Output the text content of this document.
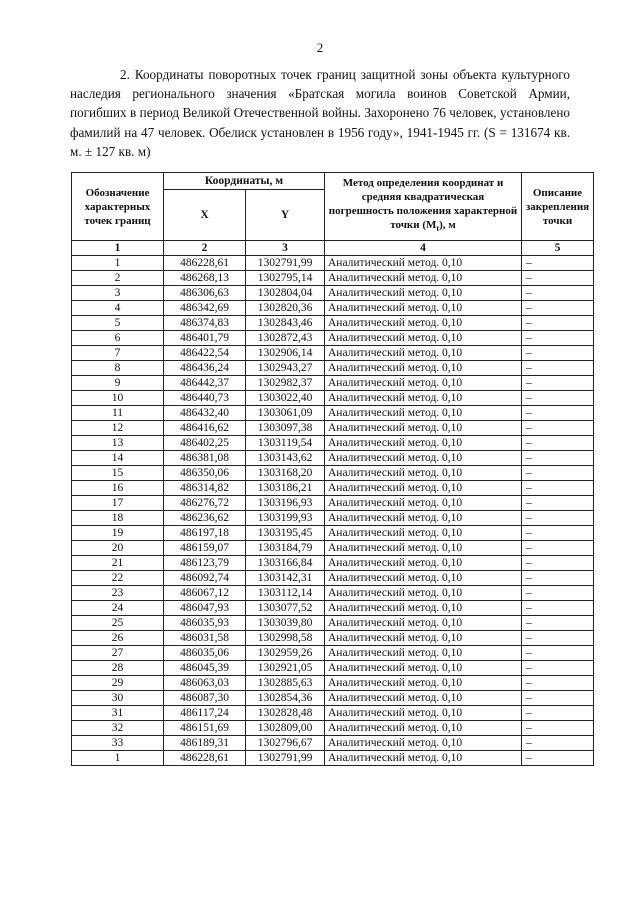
2

2. Координаты поворотных точек границ защитной зоны объекта культурного наследия регионального значения «Братская могила воинов Советской Армии, погибших в период Великой Отечественной войны. Захоронено 76 человек, установлено фамилий на 47 человек. Обелиск установлен в 1956 году», 1941-1945 гг. (S = 131674 кв. м. ± 127 кв. м)

Обозначение характерных точек границ	Координаты, м		Метод определения координат и средняя квадратическая погрешность положения характерной точки $(M_t)$, м	Описание закрепления точки
	X	Y		
1	2	3	4	5
1	486228,61	1302791,99	Аналитический метод. 0,10	–
2	486268,13	1302795,14	Аналитический метод. 0,10	–
3	486306,63	1302804,04	Аналитический метод. 0,10	–
4	486342,69	1302820,36	Аналитический метод. 0,10	–
5	486374,83	1302843,46	Аналитический метод. 0,10	–
6	486401,79	1302872,43	Аналитический метод. 0,10	–
7	486422,54	1302906,14	Аналитический метод. 0,10	–
8	486436,24	1302943,27	Аналитический метод. 0,10	–
9	486442,37	1302982,37	Аналитический метод. 0,10	–
10	486440,73	1303022,40	Аналитический метод. 0,10	–
11	486432,40	1303061,09	Аналитический метод. 0,10	–
12	486416,62	1303097,38	Аналитический метод. 0,10	–
13	486402,25	1303119,54	Аналитический метод. 0,10	–
14	486381,08	1303143,62	Аналитический метод. 0,10	–
15	486350,06	1303168,20	Аналитический метод. 0,10	–
16	486314,82	1303186,21	Аналитический метод. 0,10	–
17	486276,72	1303196,93	Аналитический метод. 0,10	–
18	486236,62	1303199,93	Аналитический метод. 0,10	–
19	486197,18	1303195,45	Аналитический метод. 0,10	–
20	486159,07	1303184,79	Аналитический метод. 0,10	–
21	486123,79	1303166,84	Аналитический метод. 0,10	–
22	486092,74	1303142,31	Аналитический метод. 0,10	–
23	486067,12	1303112,14	Аналитический метод. 0,10	–
24	486047,93	1303077,52	Аналитический метод. 0,10	–
25	486035,93	1303039,80	Аналитический метод. 0,10	–
26	486031,58	1302998,58	Аналитический метод. 0,10	–
27	486035,06	1302959,26	Аналитический метод. 0,10	–
28	486045,39	1302921,05	Аналитический метод. 0,10	–
29	486063,03	1302885,63	Аналитический метод. 0,10	–
30	486087,30	1302854,36	Аналитический метод. 0,10	–
31	486117,24	1302828,48	Аналитический метод. 0,10	–
32	486151,69	1302809,00	Аналитический метод. 0,10	–
33	486189,31	1302796,67	Аналитический метод. 0,10	–
1	486228,61	1302791,99	Аналитический метод. 0,10	–
